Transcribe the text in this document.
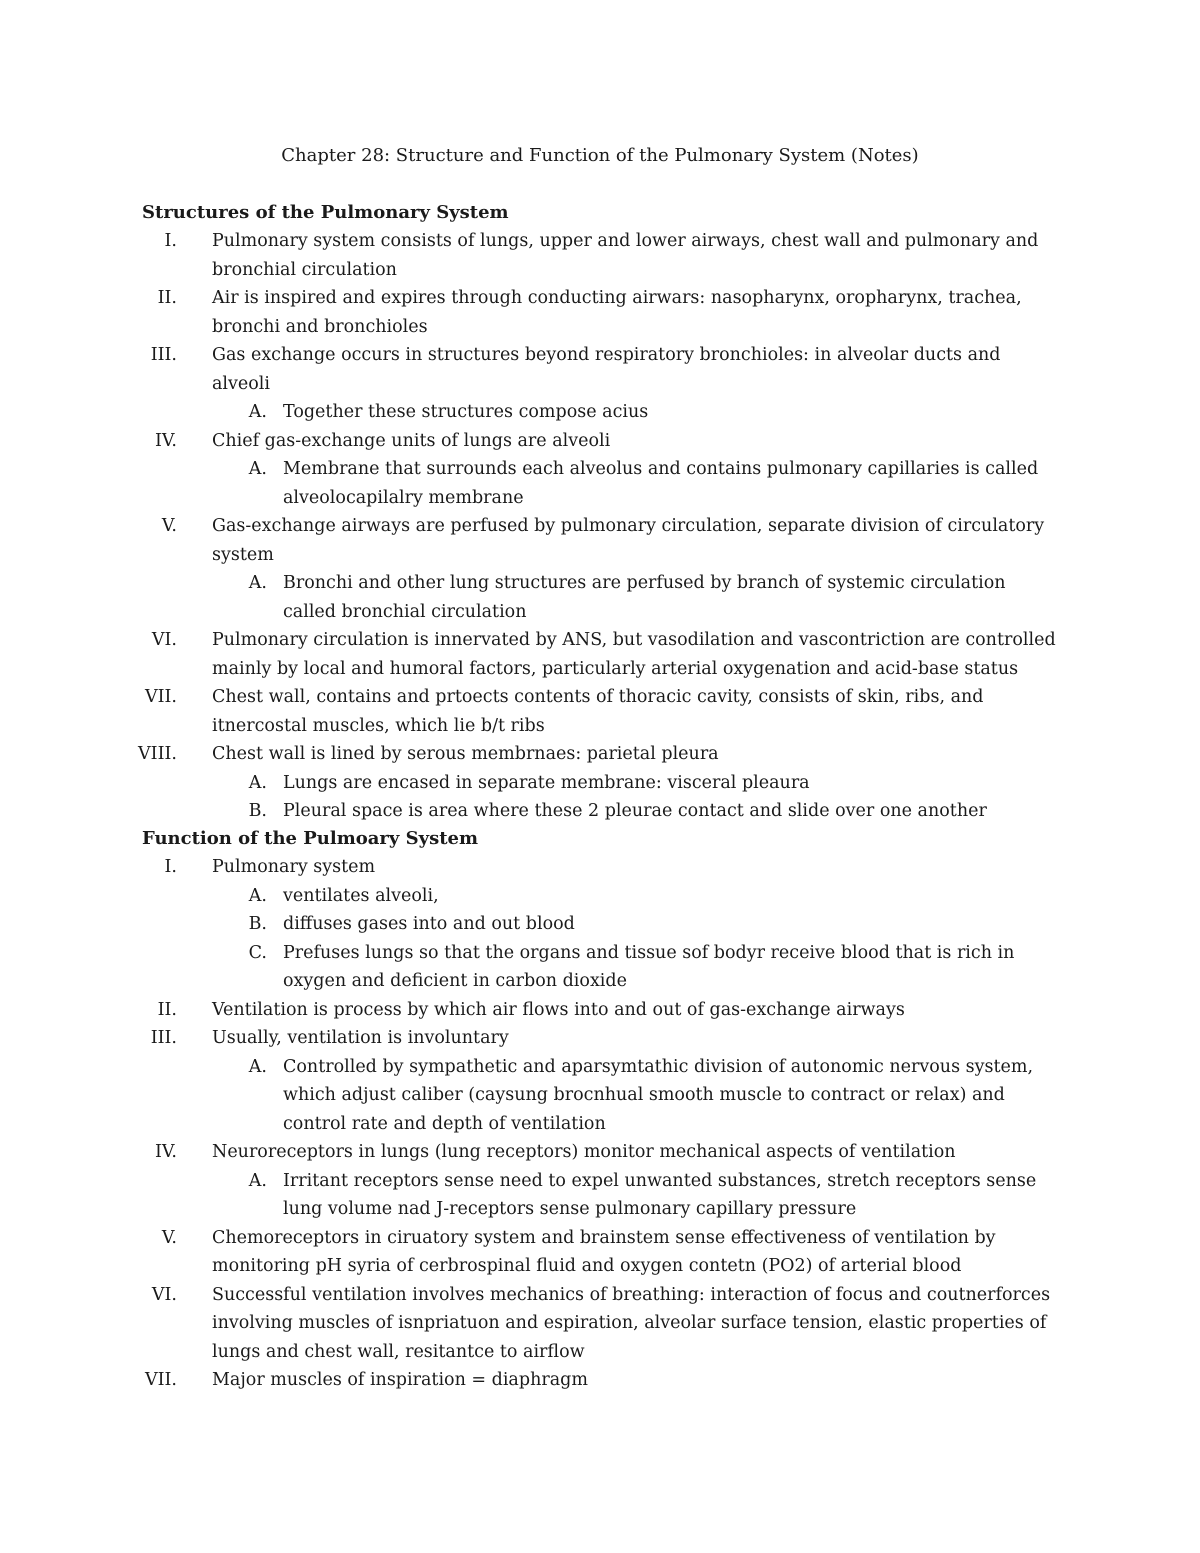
Chapter 28: Structure and Function of the Pulmonary System (Notes)
Structures of the Pulmonary System
I. Pulmonary system consists of lungs, upper and lower airways, chest wall and pulmonary and bronchial circulation
II. Air is inspired and expires through conducting airwars: nasopharynx, oropharynx, trachea, bronchi and bronchioles
III. Gas exchange occurs in structures beyond respiratory bronchioles: in alveolar ducts and alveoli
A. Together these structures compose acius
IV. Chief gas-exchange units of lungs are alveoli
A. Membrane that surrounds each alveolus and contains pulmonary capillaries is called alveolocapilalry membrane
V. Gas-exchange airways are perfused by pulmonary circulation, separate division of circulatory system
A. Bronchi and other lung structures are perfused by branch of systemic circulation called bronchial circulation
VI. Pulmonary circulation is innervated by ANS, but vasodilation and vascontriction are controlled mainly by local and humoral factors, particularly arterial oxygenation and acid-base status
VII. Chest wall, contains and prtoects contents of thoracic cavity, consists of skin, ribs, and itnercostal muscles, which lie b/t ribs
VIII. Chest wall is lined by serous membrnaes: parietal pleura
A. Lungs are encased in separate membrane: visceral pleaura
B. Pleural space is area where these 2 pleurae contact and slide over one another
Function of the Pulmoary System
I. Pulmonary system
A. ventilates alveoli,
B. diffuses gases into and out blood
C. Prefuses lungs so that the organs and tissue sof bodyr receive blood that is rich in oxygen and deficient in carbon dioxide
II. Ventilation is process by which air flows into and out of gas-exchange airways
III. Usually, ventilation is involuntary
A. Controlled by sympathetic and aparsymtathic division of autonomic nervous system, which adjust caliber (caysung brocnhual smooth muscle to contract or relax) and control rate and depth of ventilation
IV. Neuroreceptors in lungs (lung receptors) monitor mechanical aspects of ventilation
A. Irritant receptors sense need to expel unwanted substances, stretch receptors sense lung volume nad J-receptors sense pulmonary capillary pressure
V. Chemoreceptors in ciruatory system and brainstem sense effectiveness of ventilation by monitoring pH syria of cerbrospinal fluid and oxygen contetn (PO2) of arterial blood
VI. Successful ventilation involves mechanics of breathing: interaction of focus and coutnerforces involving muscles of isnpriatuon and espiration, alveolar surface tension, elastic properties of lungs and chest wall, resitantce to airflow
VII. Major muscles of inspiration = diaphragm
